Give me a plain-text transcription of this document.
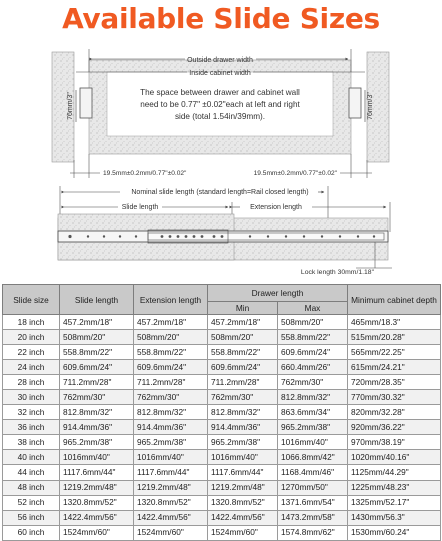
Available Slide Sizes
Outside drawer width
Inside cabinet width
The space between drawer and cabinet wall
need to be 0.77" ±0.02"each at left and right
side (total 1.54in/39mm).
76mm/3"	76mm/3"
19.5mm±0.2mm/0.77"±0.02"	19.5mm±0.2mm/0.77"±0.02"
Nominal slide length (standard length=Rail closed length)
Slide length	Extension length
Lock length 30mm/1.18"
Slide size	Slide length	Extension length	Drawer length		Minimum cabinet depth
			Min	Max	
18 inch	457.2mm/18"	457.2mm/18"	457.2mm/18"	508mm/20"	465mm/18.3"
20 inch	508mm/20"	508mm/20"	508mm/20"	558.8mm/22"	515mm/20.28"
22 inch	558.8mm/22"	558.8mm/22"	558.8mm/22"	609.6mm/24"	565mm/22.25"
24 inch	609.6mm/24"	609.6mm/24"	609.6mm/24"	660.4mm/26"	615mm/24.21"
28 inch	711.2mm/28"	711.2mm/28"	711.2mm/28"	762mm/30"	720mm/28.35"
30 inch	762mm/30"	762mm/30"	762mm/30"	812.8mm/32"	770mm/30.32"
32 inch	812.8mm/32"	812.8mm/32"	812.8mm/32"	863.6mm/34"	820mm/32.28"
36 inch	914.4mm/36"	914.4mm/36"	914.4mm/36"	965.2mm/38"	920mm/36.22"
38 inch	965.2mm/38"	965.2mm/38"	965.2mm/38"	1016mm/40"	970mm/38.19"
40 inch	1016mm/40"	1016mm/40"	1016mm/40"	1066.8mm/42"	1020mm/40.16"
44 inch	1117.6mm/44"	1117.6mm/44"	1117.6mm/44"	1168.4mm/46"	1125mm/44.29"
48 inch	1219.2mm/48"	1219.2mm/48"	1219.2mm/48"	1270mm/50"	1225mm/48.23"
52 inch	1320.8mm/52"	1320.8mm/52"	1320.8mm/52"	1371.6mm/54"	1325mm/52.17"
56 inch	1422.4mm/56"	1422.4mm/56"	1422.4mm/56"	1473.2mm/58"	1430mm/56.3"
60 inch	1524mm/60"	1524mm/60"	1524mm/60"	1574.8mm/62"	1530mm/60.24"
